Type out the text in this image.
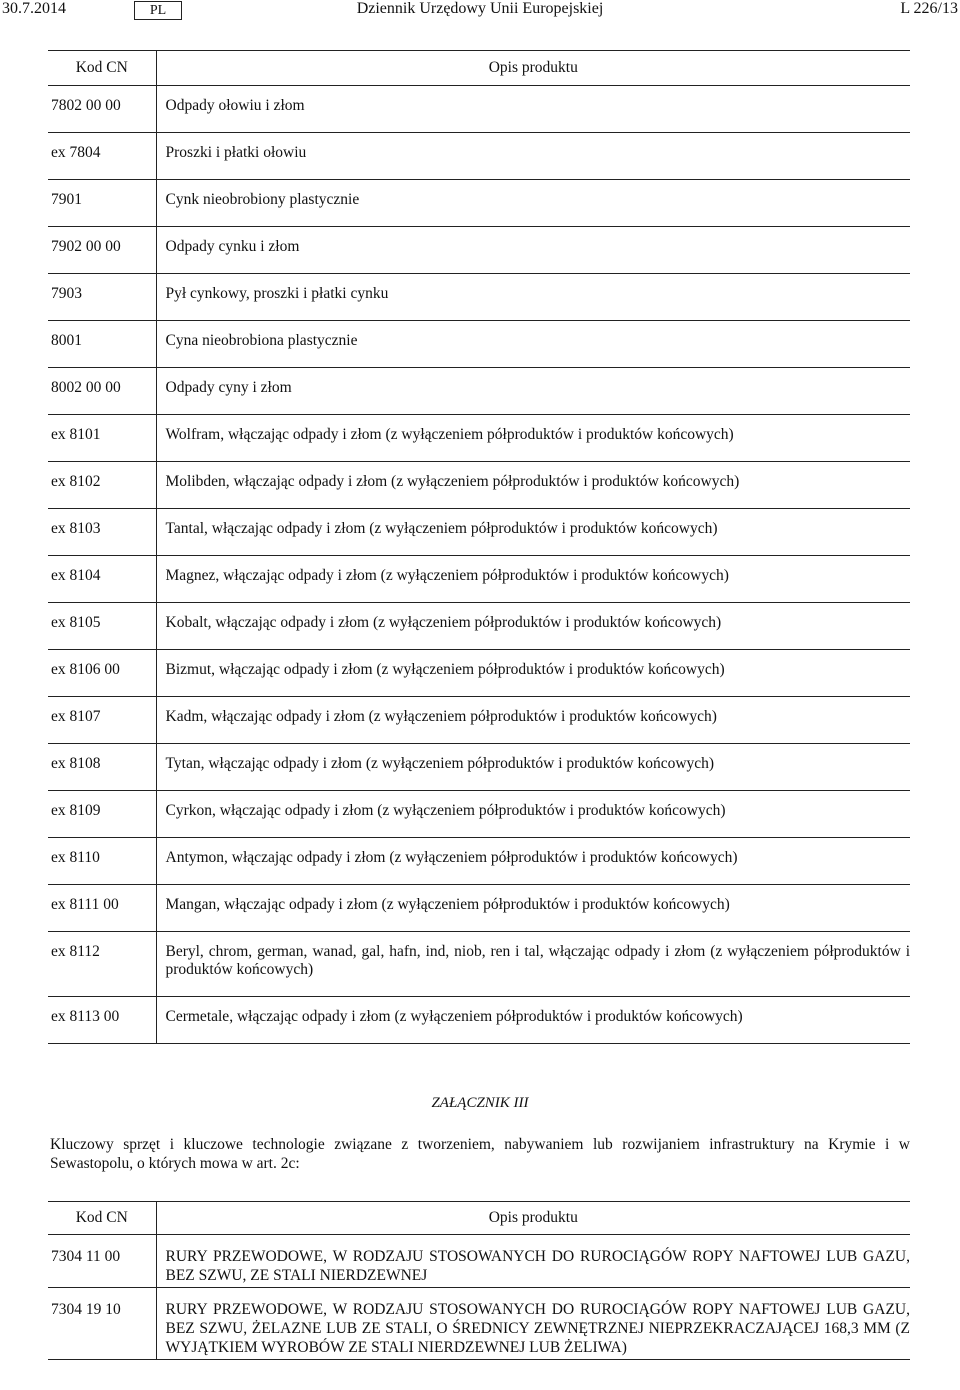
30.7.2014	PL	Dziennik Urzędowy Unii Europejskiej	L 226/13
Kod CN	Opis produktu
7802 00 00	Odpady ołowiu i złom
ex 7804	Proszki i płatki ołowiu
7901	Cynk nieobrobiony plastycznie
7902 00 00	Odpady cynku i złom
7903	Pył cynkowy, proszki i płatki cynku
8001	Cyna nieobrobiona plastycznie
8002 00 00	Odpady cyny i złom
ex 8101	Wolfram, włączając odpady i złom (z wyłączeniem półproduktów i produktów końcowych)
ex 8102	Molibden, włączając odpady i złom (z wyłączeniem półproduktów i produktów końcowych)
ex 8103	Tantal, włączając odpady i złom (z wyłączeniem półproduktów i produktów końcowych)
ex 8104	Magnez, włączając odpady i złom (z wyłączeniem półproduktów i produktów końcowych)
ex 8105	Kobalt, włączając odpady i złom (z wyłączeniem półproduktów i produktów końcowych)
ex 8106 00	Bizmut, włączając odpady i złom (z wyłączeniem półproduktów i produktów końcowych)
ex 8107	Kadm, włączając odpady i złom (z wyłączeniem półproduktów i produktów końcowych)
ex 8108	Tytan, włączając odpady i złom (z wyłączeniem półproduktów i produktów końcowych)
ex 8109	Cyrkon, włączając odpady i złom (z wyłączeniem półproduktów i produktów końcowych)
ex 8110	Antymon, włączając odpady i złom (z wyłączeniem półproduktów i produktów końcowych)
ex 8111 00	Mangan, włączając odpady i złom (z wyłączeniem półproduktów i produktów końcowych)
ex 8112	Beryl, chrom, german, wanad, gal, hafn, ind, niob, ren i tal, włączając odpady i złom (z wyłączeniem półproduktów i produktów końcowych)
ex 8113 00	Cermetale, włączając odpady i złom (z wyłączeniem półproduktów i produktów końcowych)
ZAŁĄCZNIK III
Kluczowy sprzęt i kluczowe technologie związane z tworzeniem, nabywaniem lub rozwijaniem infrastruktury na Krymie i w Sewastopolu, o których mowa w art. 2c:
Kod CN	Opis produktu
7304 11 00	RURY PRZEWODOWE, W RODZAJU STOSOWANYCH DO RUROCIĄGÓW ROPY NAFTOWEJ LUB GAZU, BEZ SZWU, ZE STALI NIERDZEWNEJ
7304 19 10	RURY PRZEWODOWE, W RODZAJU STOSOWANYCH DO RUROCIĄGÓW ROPY NAFTOWEJ LUB GAZU, BEZ SZWU, ŻELAZNE LUB ZE STALI, O ŚREDNICY ZEWNĘTRZNEJ NIEPRZEKRACZAJĄCEJ 168,3 MM (Z WYJĄTKIEM WYROBÓW ZE STALI NIERDZEWNEJ LUB ŻELIWA)
